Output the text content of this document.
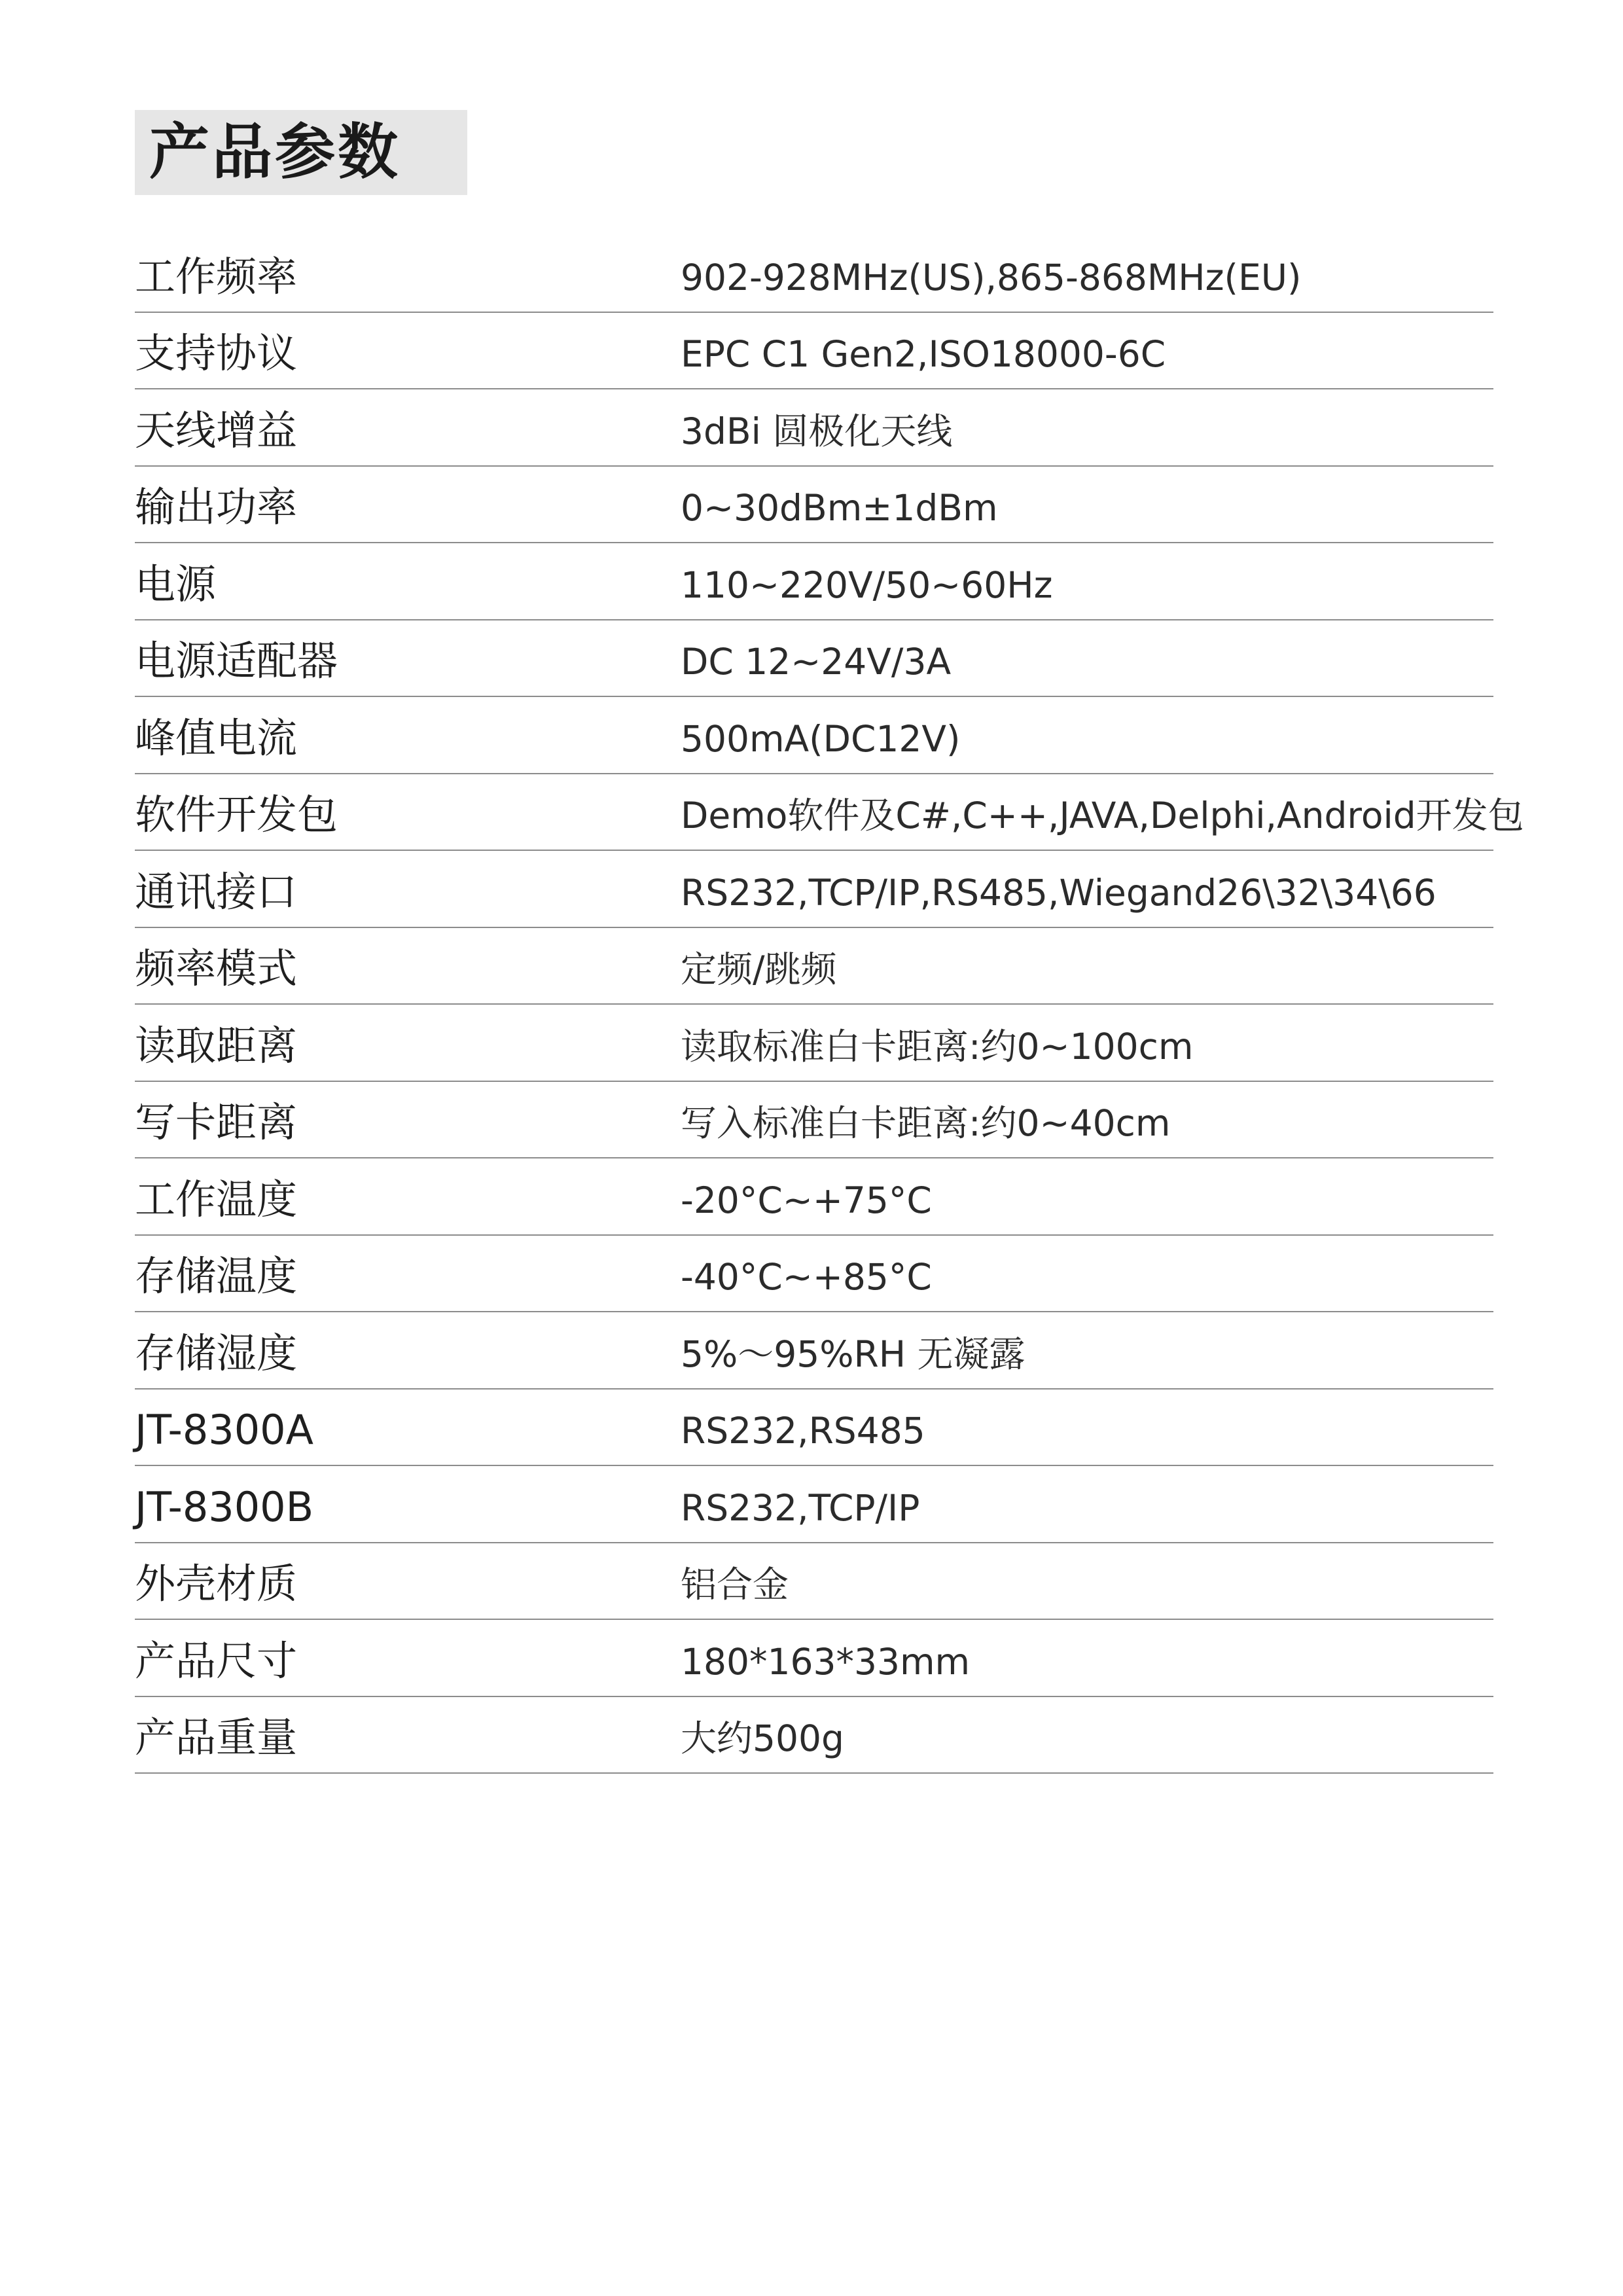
产品参数
工作频率	902-928MHz(US),865-868MHz(EU)
支持协议	EPC C1 Gen2,ISO18000-6C
天线增益	3dBi 圆极化天线
输出功率	0~30dBm±1dBm
电源	110~220V/50~60Hz
电源适配器	DC 12~24V/3A
峰值电流	500mA(DC12V)
软件开发包	Demo软件及C#,C++,JAVA,Delphi,Android开发包
通讯接口	RS232,TCP/IP,RS485,Wiegand26\32\34\66
频率模式	定频/跳频
读取距离	读取标准白卡距离:约0~100cm
写卡距离	写入标准白卡距离:约0~40cm
工作温度	-20°C~+75°C
存储温度	-40°C~+85°C
存储湿度	5%～95%RH 无凝露
JT-8300A	RS232,RS485
JT-8300B	RS232,TCP/IP
外壳材质	铝合金
产品尺寸	180*163*33mm
产品重量	大约500g
